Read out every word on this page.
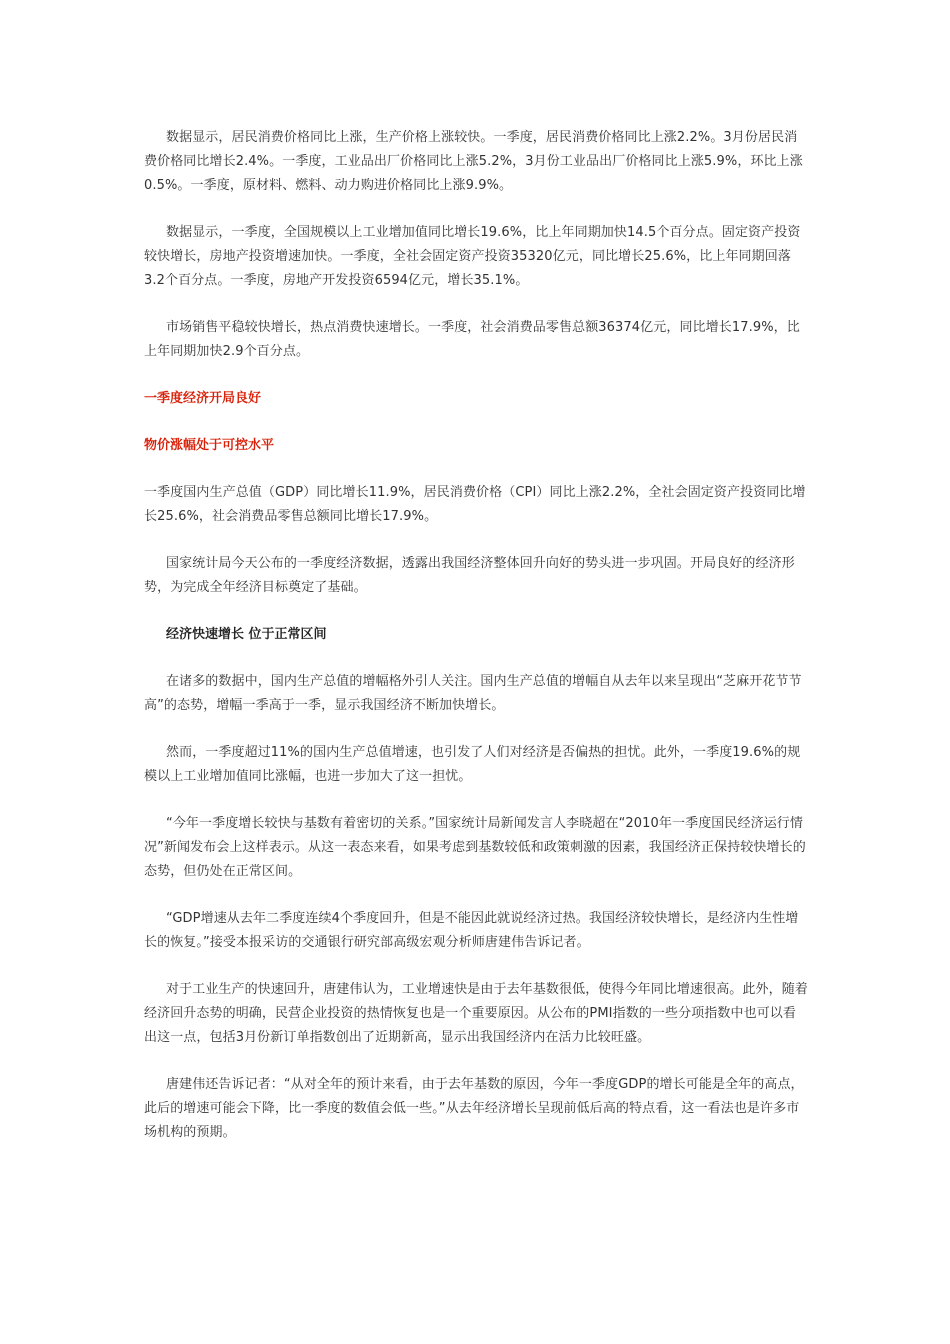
数据显示，居民消费价格同比上涨，生产价格上涨较快。一季度，居民消费价格同比上涨2.2%。3月份居民消费价格同比增长2.4%。一季度，工业品出厂价格同比上涨5.2%，3月份工业品出厂价格同比上涨5.9%，环比上涨0.5%。一季度，原材料、燃料、动力购进价格同比上涨9.9%。

数据显示，一季度，全国规模以上工业增加值同比增长19.6%，比上年同期加快14.5个百分点。固定资产投资较快增长，房地产投资增速加快。一季度，全社会固定资产投资35320亿元，同比增长25.6%，比上年同期回落3.2个百分点。一季度，房地产开发投资6594亿元，增长35.1%。

市场销售平稳较快增长，热点消费快速增长。一季度，社会消费品零售总额36374亿元，同比增长17.9%，比上年同期加快2.9个百分点。

一季度经济开局良好

物价涨幅处于可控水平

一季度国内生产总值（GDP）同比增长11.9%，居民消费价格（CPI）同比上涨2.2%，全社会固定资产投资同比增长25.6%，社会消费品零售总额同比增长17.9%。

国家统计局今天公布的一季度经济数据，透露出我国经济整体回升向好的势头进一步巩固。开局良好的经济形势，为完成全年经济目标奠定了基础。

经济快速增长 位于正常区间

在诸多的数据中，国内生产总值的增幅格外引人关注。国内生产总值的增幅自从去年以来呈现出“芝麻开花节节高”的态势，增幅一季高于一季，显示我国经济不断加快增长。

然而，一季度超过11%的国内生产总值增速，也引发了人们对经济是否偏热的担忧。此外，一季度19.6%的规模以上工业增加值同比涨幅，也进一步加大了这一担忧。

“今年一季度增长较快与基数有着密切的关系。”国家统计局新闻发言人李晓超在“2010年一季度国民经济运行情况”新闻发布会上这样表示。从这一表态来看，如果考虑到基数较低和政策刺激的因素，我国经济正保持较快增长的态势，但仍处在正常区间。

“GDP增速从去年二季度连续4个季度回升，但是不能因此就说经济过热。我国经济较快增长，是经济内生性增长的恢复。”接受本报采访的交通银行研究部高级宏观分析师唐建伟告诉记者。

对于工业生产的快速回升，唐建伟认为，工业增速快是由于去年基数很低，使得今年同比增速很高。此外，随着经济回升态势的明确，民营企业投资的热情恢复也是一个重要原因。从公布的PMI指数的一些分项指数中也可以看出这一点，包括3月份新订单指数创出了近期新高，显示出我国经济内在活力比较旺盛。

唐建伟还告诉记者：“从对全年的预计来看，由于去年基数的原因，今年一季度GDP的增长可能是全年的高点，此后的增速可能会下降，比一季度的数值会低一些。”从去年经济增长呈现前低后高的特点看，这一看法也是许多市场机构的预期。
